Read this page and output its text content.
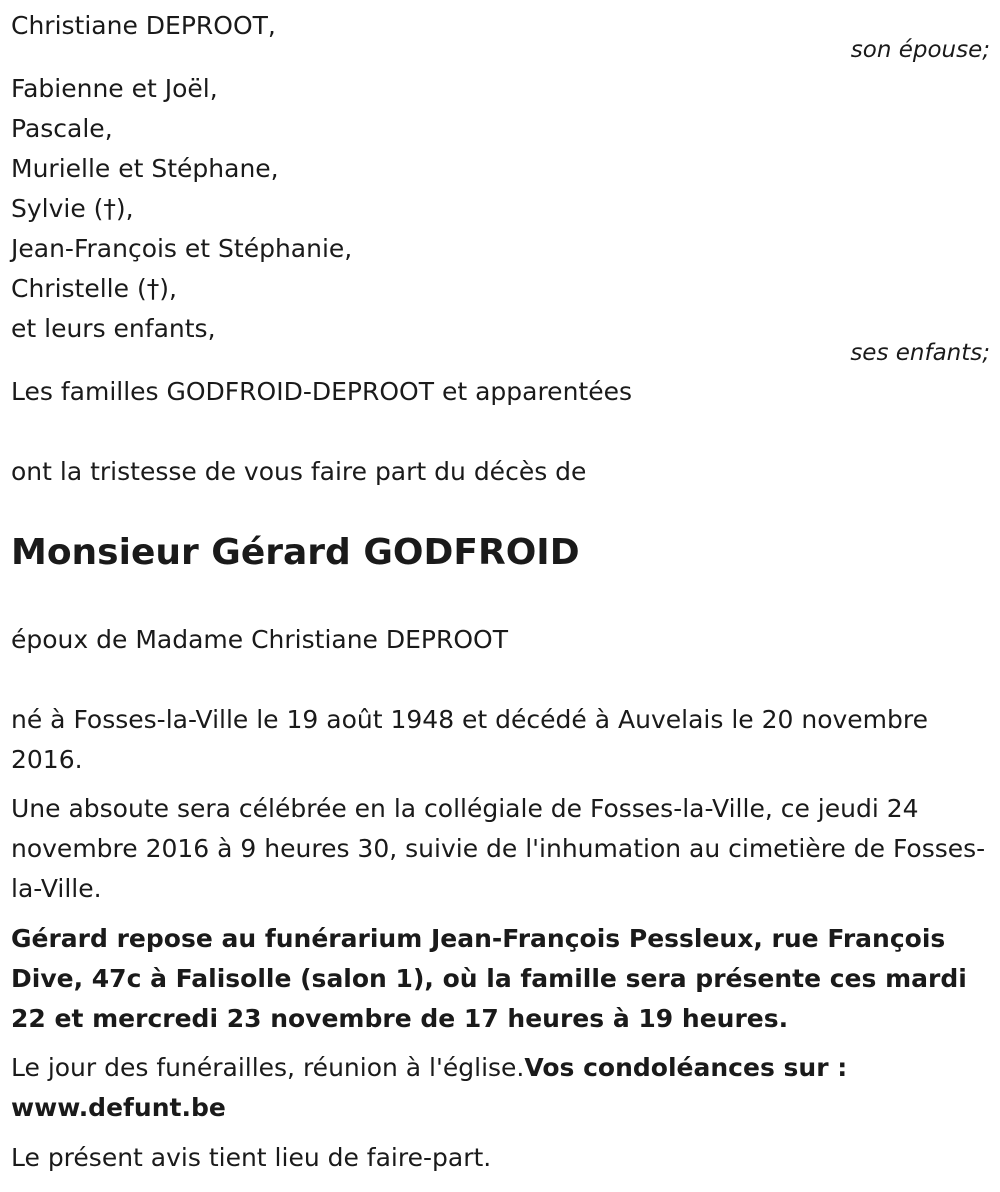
Christiane DEPROOT,
son épouse;
Fabienne et Joël,
Pascale,
Murielle et Stéphane,
Sylvie (†),
Jean-François et Stéphanie,
Christelle (†),
et leurs enfants,
ses enfants;
Les familles GODFROID-DEPROOT et apparentées
ont la tristesse de vous faire part du décès de
Monsieur Gérard GODFROID
époux de Madame Christiane DEPROOT
né à Fosses-la-Ville le 19 août 1948 et décédé à Auvelais le 20 novembre 2016.
Une absoute sera célébrée en la collégiale de Fosses-la-Ville, ce jeudi 24 novembre 2016 à 9 heures 30, suivie de l'inhumation au cimetière de Fosses-la-Ville.
Gérard repose au funérarium Jean-François Pessleux, rue François Dive, 47c à Falisolle (salon 1), où la famille sera présente ces mardi 22 et mercredi 23 novembre de 17 heures à 19 heures.
Le jour des funérailles, réunion à l'église.Vos condoléances sur :
www.defunt.be
Le présent avis tient lieu de faire-part.
